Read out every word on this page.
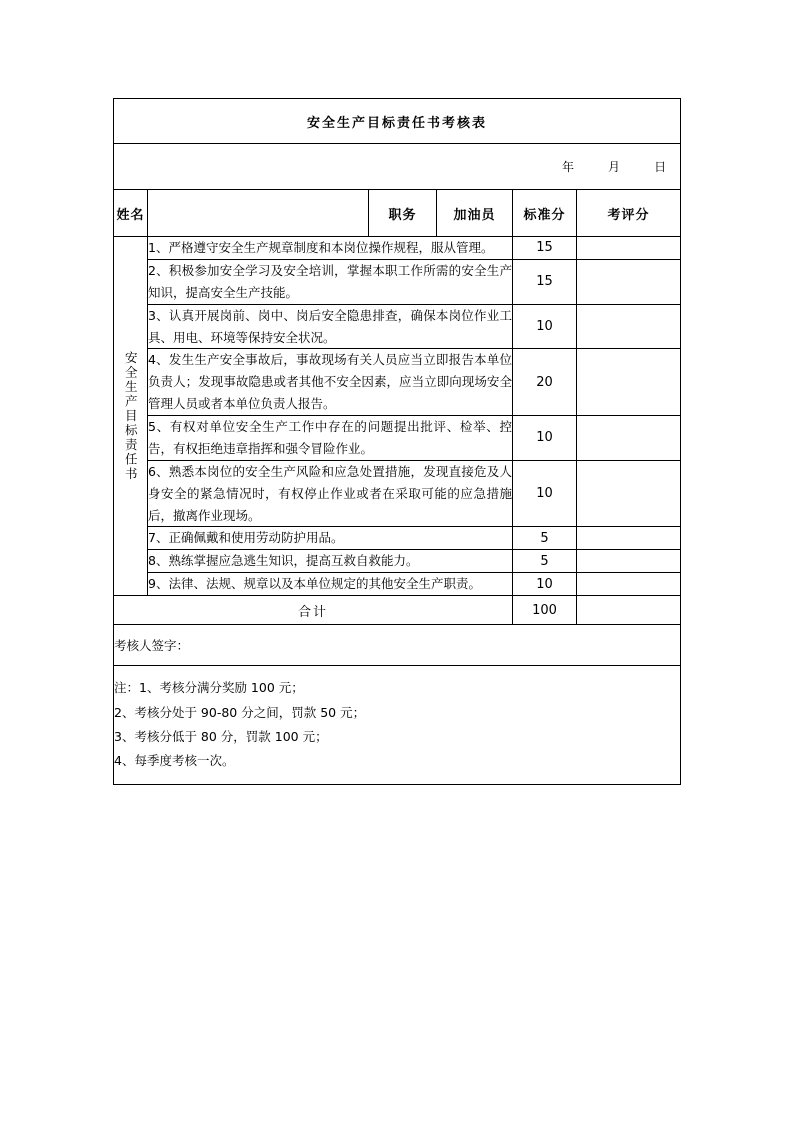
安全生产目标责任书考核表					

年 月 日					

姓名		职务	加油员	标准分	考评分

安全生产目标责任书	1、严格遵守安全生产规章制度和本岗位操作规程，服从管理。			15	
	2、积极参加安全学习及安全培训，掌握本职工作所需的安全生产知识，提高安全生产技能。			15	
	3、认真开展岗前、岗中、岗后安全隐患排查，确保本岗位作业工具、用电、环境等保持安全状况。			10	
	4、发生生产安全事故后，事故现场有关人员应当立即报告本单位负责人；发现事故隐患或者其他不安全因素，应当立即向现场安全管理人员或者本单位负责人报告。			20	
	5、有权对单位安全生产工作中存在的问题提出批评、检举、控告，有权拒绝违章指挥和强令冒险作业。			10	
	6、熟悉本岗位的安全生产风险和应急处置措施，发现直接危及人身安全的紧急情况时，有权停止作业或者在采取可能的应急措施后，撤离作业现场。			10	
	7、正确佩戴和使用劳动防护用品。			5	
	8、熟练掌握应急逃生知识，提高互救自救能力。			5	
	9、法律、法规、规章以及本单位规定的其他安全生产职责。			10	
合计				100	
考核人签字：					

注：1、考核分满分奖励 100 元；
2、考核分处于 90-80 分之间，罚款 50 元；
3、考核分低于 80 分，罚款 100 元；
4、每季度考核一次。					
